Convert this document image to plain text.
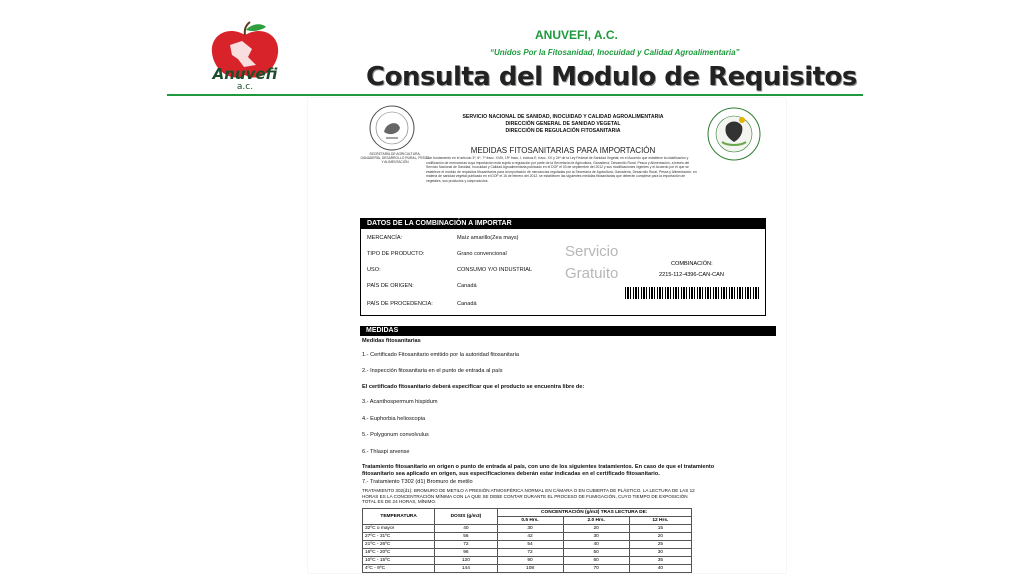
Anuvefi
a.c.
ANUVEFI, A.C.
“Unidos Por la Fitosanidad, Inocuidad y Calidad Agroalimentaria”
Consulta del Modulo de Requisitos
SECRETARÍA DE AGRICULTURA, GANADERÍA, DESARROLLO RURAL, PESCA Y ALIMENTACIÓN
SERVICIO NACIONAL DE SANIDAD, INOCUIDAD Y CALIDAD AGROALIMENTARIA
DIRECCIÓN GENERAL DE SANIDAD VEGETAL
DIRECCIÓN DE REGULACIÓN FITOSANITARIA
MEDIDAS FITOSANITARIAS PARA IMPORTACIÓN
Con fundamento en el artículo 3º, 6º, 7º fracc. XVIII, 19º fracc. I, incisos E, fracc. XV y 24º de la Ley Federal de Sanidad Vegetal; en el Acuerdo que establece la clasificación y codificación de mercancías cuya importación está sujeta a regulación por parte de la Secretaría de Agricultura, Ganadería, Desarrollo Rural, Pesca y Alimentación, a través del Servicio Nacional de Sanidad, Inocuidad y Calidad Agroalimentaria publicado en el DOF el 03 de septiembre del 2012 y sus modificaciones vigentes y el Acuerdo por el que se establece el módulo de requisitos fitosanitarios para la importación de mercancías reguladas por la Secretaría de Agricultura, Ganadería, Desarrollo Rural, Pesca y Alimentación, en materia de sanidad vegetal publicado en el DOF el 16 de febrero del 2012, se establecen las siguientes medidas fitosanitarias que deberán cumplirse para la importación de vegetales, sus productos y subproductos.
DATOS DE LA COMBINACIÓN A IMPORTAR
MERCANCÍA:	Maíz amarillo(Zea mays)
TIPO DE PRODUCTO:	Grano convencional
USO:	CONSUMO Y/O INDUSTRIAL
PAÍS DE ORIGEN:	Canadá
PAÍS DE PROCEDENCIA:	Canadá
Servicio
Gratuito
COMBINACIÓN:
2215-112-4396-CAN-CAN
MEDIDAS
Medidas fitosanitarias
1.- Certificado Fitosanitario emitido por la autoridad fitosanitaria
2.- Inspección fitosanitaria en el punto de entrada al país
El certificado fitosanitario deberá especificar que el producto se encuentra libre de:
3.- Acanthospermum hispidum
4.- Euphorbia helioscopia
5.- Polygonum convolvulus
6.- Thlaspi arvense
Tratamiento fitosanitario en origen o punto de entrada al país, con uno de los siguientes tratamientos. En caso de que el tratamiento fitosanitario sea aplicado en origen, sus especificaciones deberán estar indicadas en el certificado fitosanitario.
7.- Tratamiento T302 (d1) Bromuro de metilo
TRATAMIENTO 302(d1): BROMURO DE METILO A PRESIÓN ATMOSFÉRICA NORMAL EN CÁMARA O EN CUBIERTA DE PLÁSTICO. LA LECTURA DE LAS 12 HORAS ES LA CONCENTRACIÓN MÍNIMA CON LA QUE SE DEBE CONTAR DURANTE EL PROCESO DE FUMIGACIÓN, CUYO TIEMPO DE EXPOSICIÓN TOTAL ES DE 24 HORAS, MÍNIMO.
TEMPERATURA	DOSIS (g/m3)	CONCENTRACIÓN (g/m3) TRAS LECTURA DE:		
		0.5 Hrs.	2.0 Hrs.	12 Hrs.
32ºC o mayor	40	30	20	15
27ºC - 31ºC	56	42	30	20
21ºC - 26ºC	72	54	40	25
16ºC - 20ºC	96	72	50	30
10ºC - 15ºC	120	90	60	35
4ºC - 9ºC	144	108	70	40
